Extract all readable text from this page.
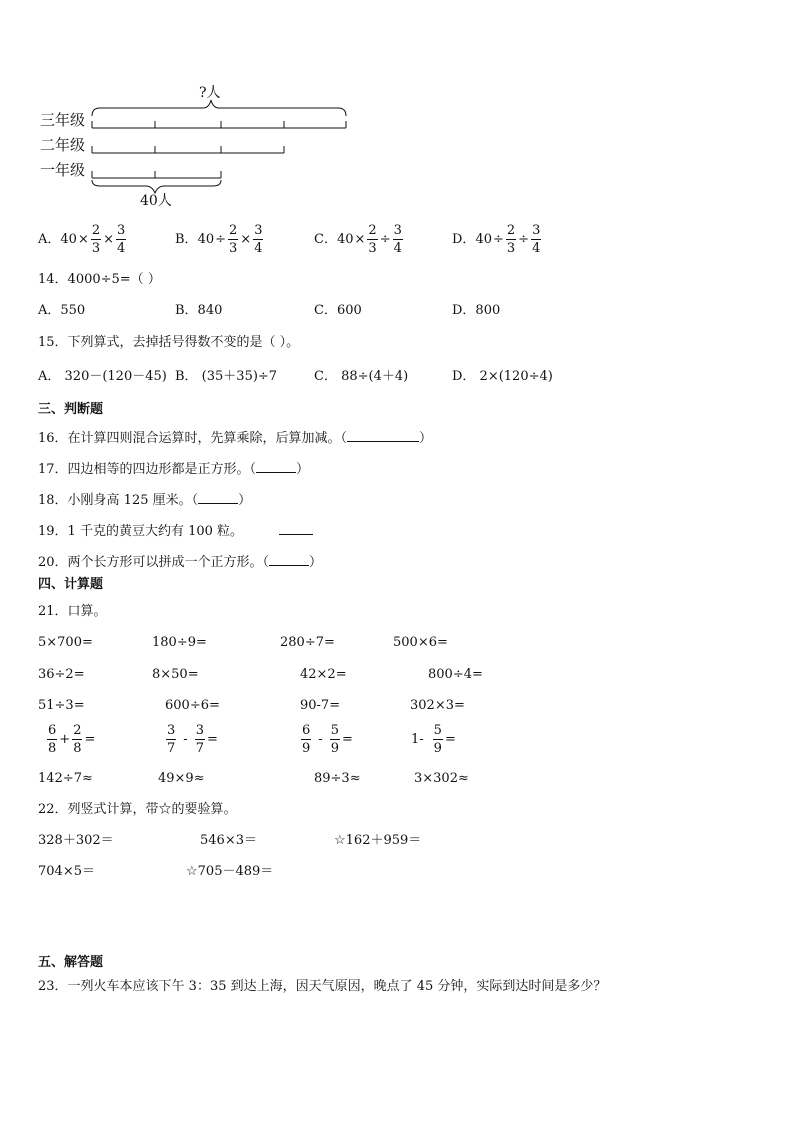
?人
三年级
二年级
一年级
40人
A． $40 \times \frac{2}{3} \times \frac{3}{4}$	B． $40 \div \frac{2}{3} \times \frac{3}{4}$	C． $40 \times \frac{2}{3} \div \frac{3}{4}$	D． $40 \div \frac{2}{3} \div \frac{3}{4}$
14．4000÷5=（ ）
A．550	B．840	C．600	D．800
15．下列算式，去掉括号得数不变的是（ ）。
A． 320－(120－45) B． (35＋35)÷7	C． 88÷(4＋4)	D． 2×(120÷4)
三、判断题
16．在计算四则混合运算时，先算乘除，后算加减。（	）
17．四边相等的四边形都是正方形。（	）
18．小刚身高 125 厘米。（	）
19．1 千克的黄豆大约有 100 粒。
20．两个长方形可以拼成一个正方形。（	）
四、计算题
21．口算。
5×700=	180÷9=	280÷7=	500×6=
36÷2=	8×50=	42×2=	800÷4=
51÷3=	600÷6=	90-7=	302×3=
$\frac{6}{8} + \frac{2}{8}$ =	$\frac{3}{7} - \frac{3}{7}$ =	$\frac{6}{9} - \frac{5}{9}$ =	$1- \frac{5}{9}$ =
142÷7≈	49×9≈	89÷3≈	3×302≈
22．列竖式计算，带☆的要验算。
328＋302＝	546×3＝	☆162＋959＝
704×5＝	☆705－489＝
五、解答题
23．一列火车本应该下午 3：35 到达上海，因天气原因，晚点了 45 分钟，实际到达时间是多少？
